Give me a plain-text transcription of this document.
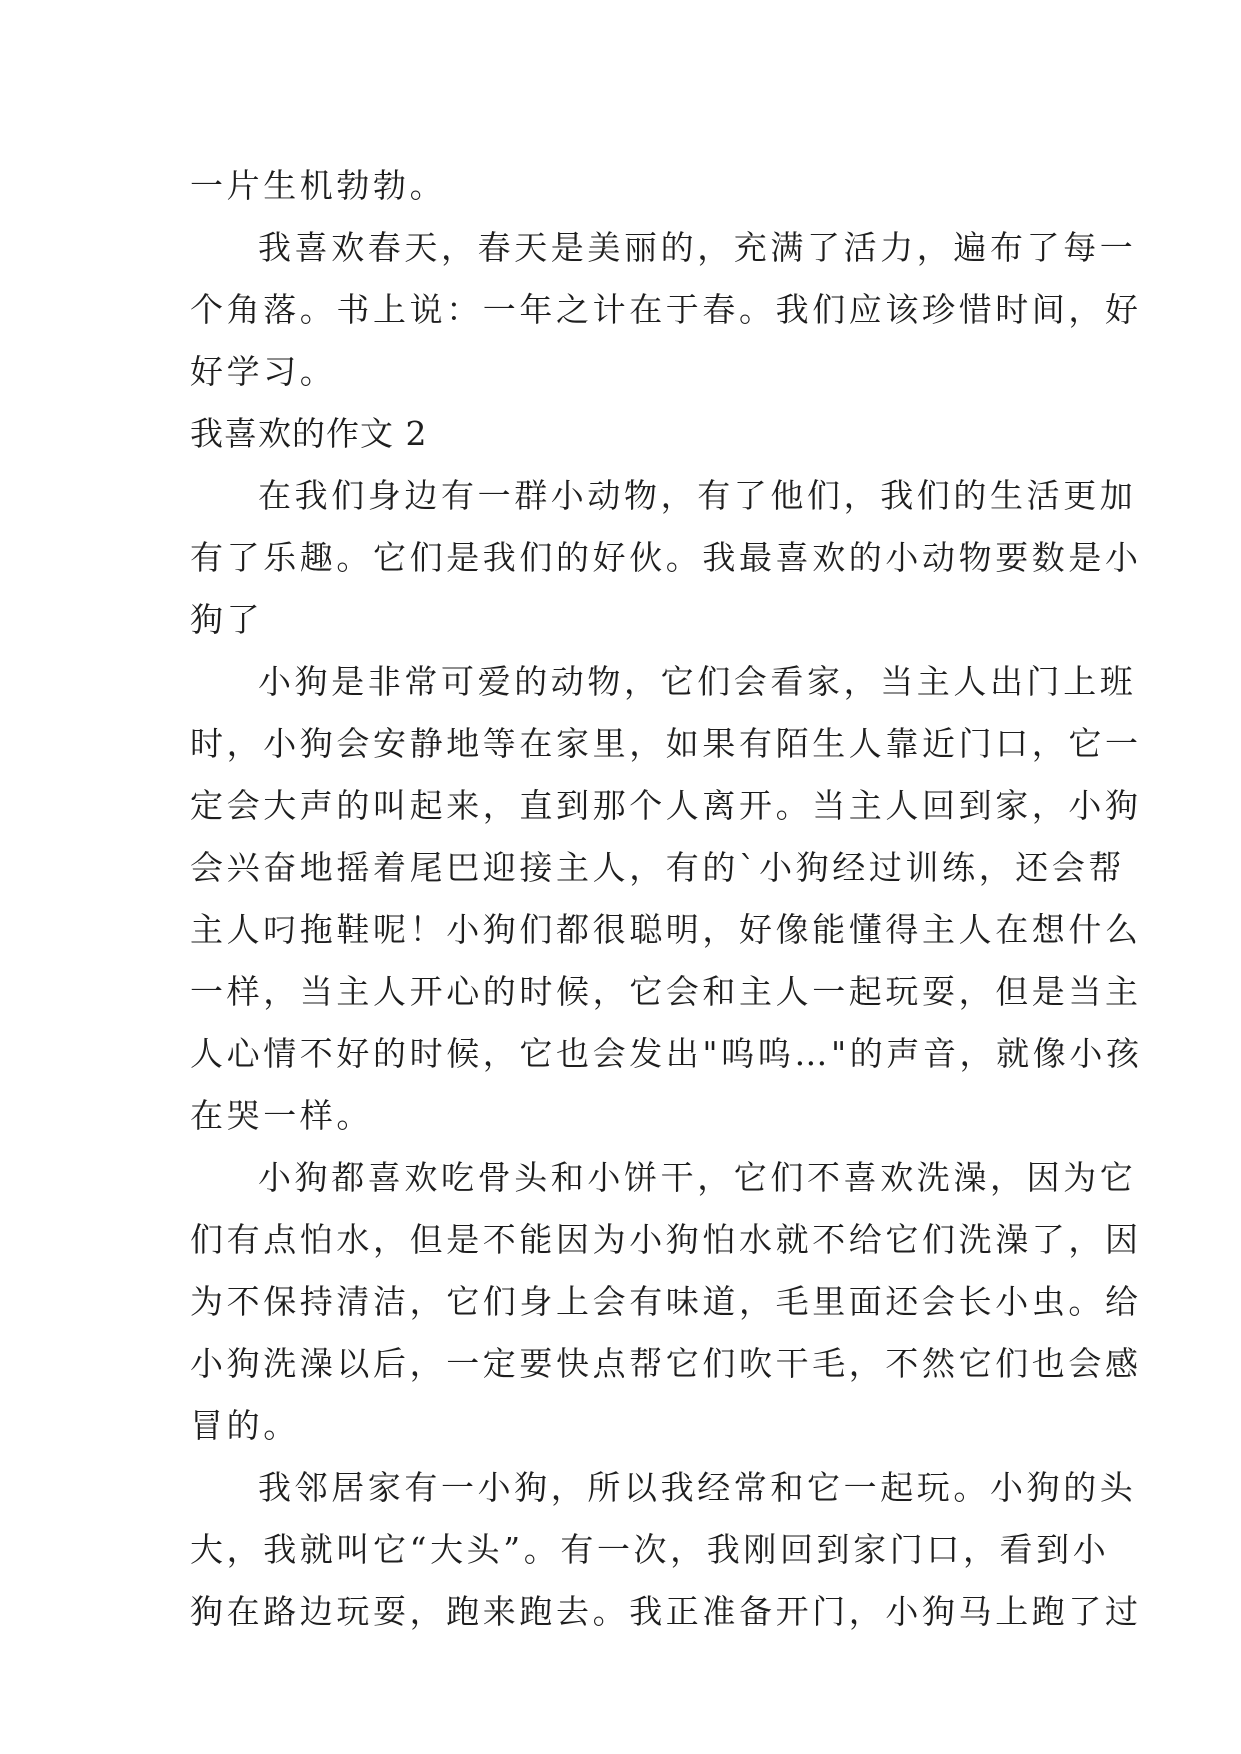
一片生机勃勃。
我喜欢春天，春天是美丽的，充满了活力，遍布了每一
个角落。书上说：一年之计在于春。我们应该珍惜时间，好
好学习。
我喜欢的作文 2
在我们身边有一群小动物，有了他们，我们的生活更加
有了乐趣。它们是我们的好伙。我最喜欢的小动物要数是小
狗了
小狗是非常可爱的动物，它们会看家，当主人出门上班
时，小狗会安静地等在家里，如果有陌生人靠近门口，它一
定会大声的叫起来，直到那个人离开。当主人回到家，小狗
会兴奋地摇着尾巴迎接主人，有的`小狗经过训练，还会帮
主人叼拖鞋呢！小狗们都很聪明，好像能懂得主人在想什么
一样，当主人开心的时候，它会和主人一起玩耍，但是当主
人心情不好的时候，它也会发出"呜呜…"的声音，就像小孩
在哭一样。
小狗都喜欢吃骨头和小饼干，它们不喜欢洗澡，因为它
们有点怕水，但是不能因为小狗怕水就不给它们洗澡了，因
为不保持清洁，它们身上会有味道，毛里面还会长小虫。给
小狗洗澡以后，一定要快点帮它们吹干毛，不然它们也会感
冒的。
我邻居家有一小狗，所以我经常和它一起玩。小狗的头
大，我就叫它“大头”。有一次，我刚回到家门口，看到小
狗在路边玩耍，跑来跑去。我正准备开门，小狗马上跑了过
